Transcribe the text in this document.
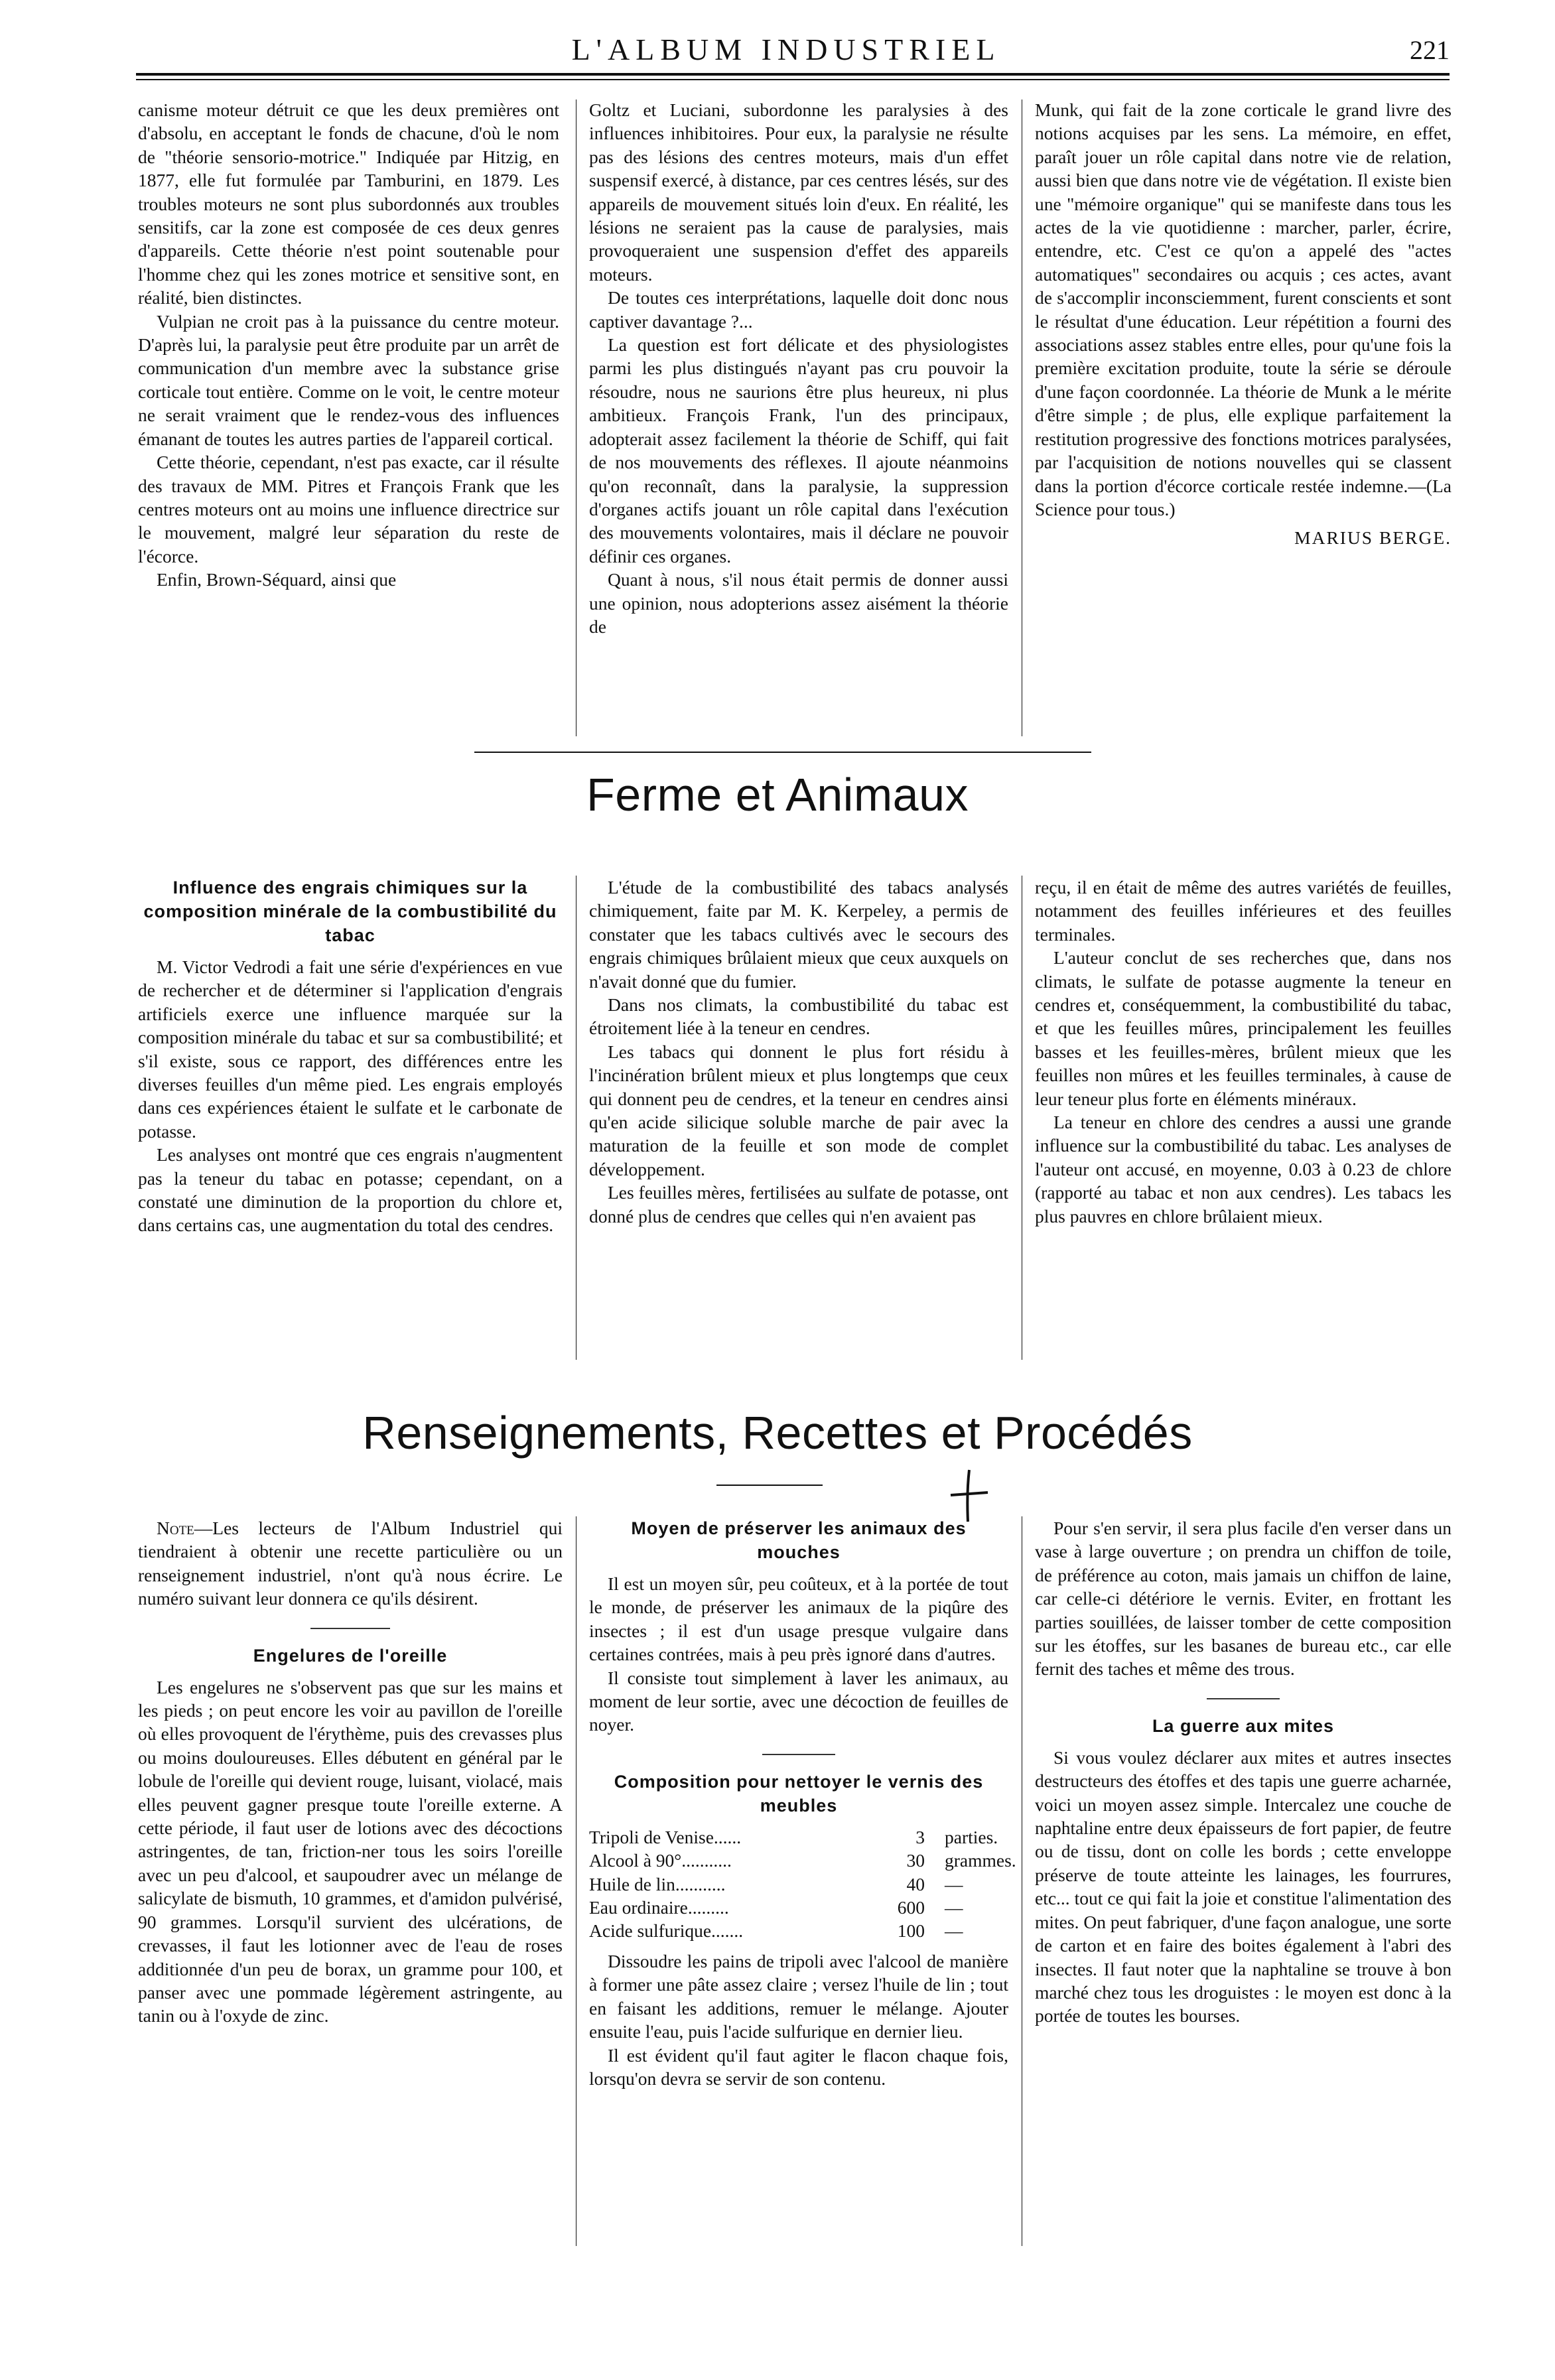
L'ALBUM INDUSTRIEL	221

canisme moteur détruit ce que les deux premières ont d'absolu, en acceptant le fonds de chacune, d'où le nom de "théorie sensorio-motrice." Indiquée par Hitzig, en 1877, elle fut formulée par Tamburini, en 1879. Les troubles moteurs ne sont plus subordonnés aux troubles sensitifs, car la zone est composée de ces deux genres d'appareils. Cette théorie n'est point soutenable pour l'homme chez qui les zones motrice et sensitive sont, en réalité, bien distinctes.

Vulpian ne croit pas à la puissance du centre moteur. D'après lui, la paralysie peut être produite par un arrêt de communication d'un membre avec la substance grise corticale tout entière. Comme on le voit, le centre moteur ne serait vraiment que le rendez-vous des influences émanant de toutes les autres parties de l'appareil cortical.

Cette théorie, cependant, n'est pas exacte, car il résulte des travaux de MM. Pitres et François Frank que les centres moteurs ont au moins une influence directrice sur le mouvement, malgré leur séparation du reste de l'écorce.

Enfin, Brown-Séquard, ainsi que

Goltz et Luciani, subordonne les paralysies à des influences inhibitoires. Pour eux, la paralysie ne résulte pas des lésions des centres moteurs, mais d'un effet suspensif exercé, à distance, par ces centres lésés, sur des appareils de mouvement situés loin d'eux. En réalité, les lésions ne seraient pas la cause de paralysies, mais provoqueraient une suspension d'effet des appareils moteurs.

De toutes ces interprétations, laquelle doit donc nous captiver davantage ?...

La question est fort délicate et des physiologistes parmi les plus distingués n'ayant pas cru pouvoir la résoudre, nous ne saurions être plus heureux, ni plus ambitieux. François Frank, l'un des principaux, adopterait assez facilement la théorie de Schiff, qui fait de nos mouvements des réflexes. Il ajoute néanmoins qu'on reconnaît, dans la paralysie, la suppression d'organes actifs jouant un rôle capital dans l'exécution des mouvements volontaires, mais il déclare ne pouvoir définir ces organes.

Quant à nous, s'il nous était permis de donner aussi une opinion, nous adopterions assez aisément la théorie de

Munk, qui fait de la zone corticale le grand livre des notions acquises par les sens. La mémoire, en effet, paraît jouer un rôle capital dans notre vie de relation, aussi bien que dans notre vie de végétation. Il existe bien une "mémoire organique" qui se manifeste dans tous les actes de la vie quotidienne : marcher, parler, écrire, entendre, etc. C'est ce qu'on a appelé des "actes automatiques" secondaires ou acquis ; ces actes, avant de s'accomplir inconsciemment, furent conscients et sont le résultat d'une éducation. Leur répétition a fourni des associations assez stables entre elles, pour qu'une fois la première excitation produite, toute la série se déroule d'une façon coordonnée. La théorie de Munk a le mérite d'être simple ; de plus, elle explique parfaitement la restitution progressive des fonctions motrices paralysées, par l'acquisition de notions nouvelles qui se classent dans la portion d'écorce corticale restée indemne.—(La Science pour tous.)

MARIUS BERGE.
Ferme et Animaux
Influence des engrais chimiques sur la composition minérale de la combustibilité du tabac

M. Victor Vedrodi a fait une série d'expériences en vue de rechercher et de déterminer si l'application d'engrais artificiels exerce une influence marquée sur la composition minérale du tabac et sur sa combustibilité; et s'il existe, sous ce rapport, des différences entre les diverses feuilles d'un même pied. Les engrais employés dans ces expériences étaient le sulfate et le carbonate de potasse.

Les analyses ont montré que ces engrais n'augmentent pas la teneur du tabac en potasse; cependant, on a constaté une diminution de la proportion du chlore et, dans certains cas, une augmentation du total des cendres.

L'étude de la combustibilité des tabacs analysés chimiquement, faite par M. K. Kerpeley, a permis de constater que les tabacs cultivés avec le secours des engrais chimiques brûlaient mieux que ceux auxquels on n'avait donné que du fumier.

Dans nos climats, la combustibilité du tabac est étroitement liée à la teneur en cendres.

Les tabacs qui donnent le plus fort résidu à l'incinération brûlent mieux et plus longtemps que ceux qui donnent peu de cendres, et la teneur en cendres ainsi qu'en acide silicique soluble marche de pair avec la maturation de la feuille et son mode de complet développement.

Les feuilles mères, fertilisées au sulfate de potasse, ont donné plus de cendres que celles qui n'en avaient pas

reçu, il en était de même des autres variétés de feuilles, notamment des feuilles inférieures et des feuilles terminales.

L'auteur conclut de ses recherches que, dans nos climats, le sulfate de potasse augmente la teneur en cendres et, conséquemment, la combustibilité du tabac, et que les feuilles mûres, principalement les feuilles basses et les feuilles-mères, brûlent mieux que les feuilles non mûres et les feuilles terminales, à cause de leur teneur plus forte en éléments minéraux.

La teneur en chlore des cendres a aussi une grande influence sur la combustibilité du tabac. Les analyses de l'auteur ont accusé, en moyenne, 0.03 à 0.23 de chlore (rapporté au tabac et non aux cendres). Les tabacs les plus pauvres en chlore brûlaient mieux.

Renseignements, Recettes et Procédés

Note—Les lecteurs de l'Album Industriel qui tiendraient à obtenir une recette particulière ou un renseignement industriel, n'ont qu'à nous écrire. Le numéro suivant leur donnera ce qu'ils désirent.

Engelures de l'oreille

Les engelures ne s'observent pas que sur les mains et les pieds ; on peut encore les voir au pavillon de l'oreille où elles provoquent de l'érythème, puis des crevasses plus ou moins douloureuses. Elles débutent en général par le lobule de l'oreille qui devient rouge, luisant, violacé, mais elles peuvent gagner presque toute l'oreille externe. A cette période, il faut user de lotions avec des décoctions astringentes, de tan, friction-ner tous les soirs l'oreille avec un peu d'alcool, et saupoudrer avec un mélange de salicylate de bismuth, 10 grammes, et d'amidon pulvérisé, 90 grammes. Lorsqu'il survient des ulcérations, de crevasses, il faut les lotionner avec de l'eau de roses additionnée d'un peu de borax, un gramme pour 100, et panser avec une pommade légèrement astringente, au tanin ou à l'oxyde de zinc.

Moyen de préserver les animaux des mouches

Il est un moyen sûr, peu coûteux, et à la portée de tout le monde, de préserver les animaux de la piqûre des insectes ; il est d'un usage presque vulgaire dans certaines contrées, mais à peu près ignoré dans d'autres.

Il consiste tout simplement à laver les animaux, au moment de leur sortie, avec une décoction de feuilles de noyer.

Composition pour nettoyer le vernis des meubles
Tripoli de Venise......	3	parties.
Alcool à 90°...........	30	grammes.
Huile de lin...........	40	—
Eau ordinaire.........	600	—
Acide sulfurique.......	100	—

Dissoudre les pains de tripoli avec l'alcool de manière à former une pâte assez claire ; versez l'huile de lin ; tout en faisant les additions, remuer le mélange. Ajouter ensuite l'eau, puis l'acide sulfurique en dernier lieu.

Il est évident qu'il faut agiter le flacon chaque fois, lorsqu'on devra se servir de son contenu.

Pour s'en servir, il sera plus facile d'en verser dans un vase à large ouverture ; on prendra un chiffon de toile, de préférence au coton, mais jamais un chiffon de laine, car celle-ci détériore le vernis. Eviter, en frottant les parties souillées, de laisser tomber de cette composition sur les étoffes, sur les basanes de bureau etc., car elle fernit des taches et même des trous.

La guerre aux mites

Si vous voulez déclarer aux mites et autres insectes destructeurs des étoffes et des tapis une guerre acharnée, voici un moyen assez simple. Intercalez une couche de naphtaline entre deux épaisseurs de fort papier, de feutre ou de tissu, dont on colle les bords ; cette enveloppe préserve de toute atteinte les lainages, les fourrures, etc... tout ce qui fait la joie et constitue l'alimentation des mites. On peut fabriquer, d'une façon analogue, une sorte de carton et en faire des boites également à l'abri des insectes. Il faut noter que la naphtaline se trouve à bon marché chez tous les droguistes : le moyen est donc à la portée de toutes les bourses.
